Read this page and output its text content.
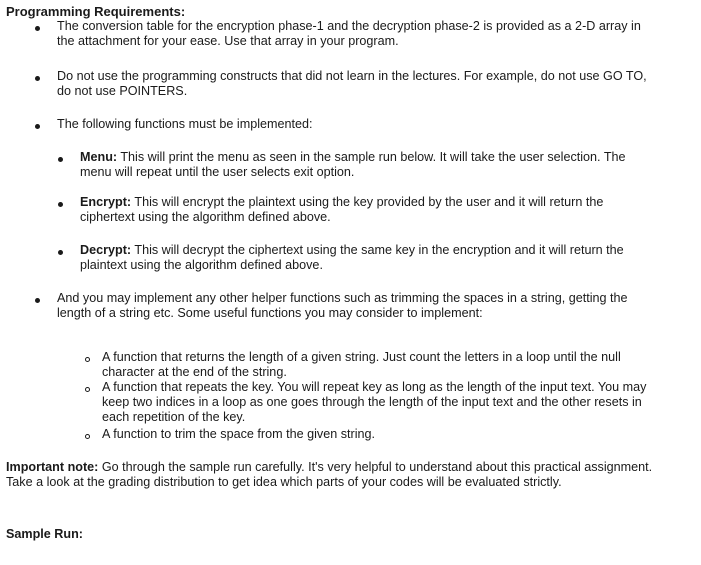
Programming Requirements:
The conversion table for the encryption phase-1 and the decryption phase-2 is provided as a 2-D array in the attachment for your ease. Use that array in your program.
Do not use the programming constructs that did not learn in the lectures. For example, do not use GO TO, do not use POINTERS.
The following functions must be implemented:
Menu: This will print the menu as seen in the sample run below. It will take the user selection. The menu will repeat until the user selects exit option.
Encrypt: This will encrypt the plaintext using the key provided by the user and it will return the ciphertext using the algorithm defined above.
Decrypt: This will decrypt the ciphertext using the same key in the encryption and it will return the plaintext using the algorithm defined above.
And you may implement any other helper functions such as trimming the spaces in a string, getting the length of a string etc. Some useful functions you may consider to implement:
A function that returns the length of a given string. Just count the letters in a loop until the null character at the end of the string.
A function that repeats the key. You will repeat key as long as the length of the input text. You may keep two indices in a loop as one goes through the length of the input text and the other resets in each repetition of the key.
A function to trim the space from the given string.
Important note: Go through the sample run carefully. It's very helpful to understand about this practical assignment. Take a look at the grading distribution to get idea which parts of your codes will be evaluated strictly.
Sample Run:
